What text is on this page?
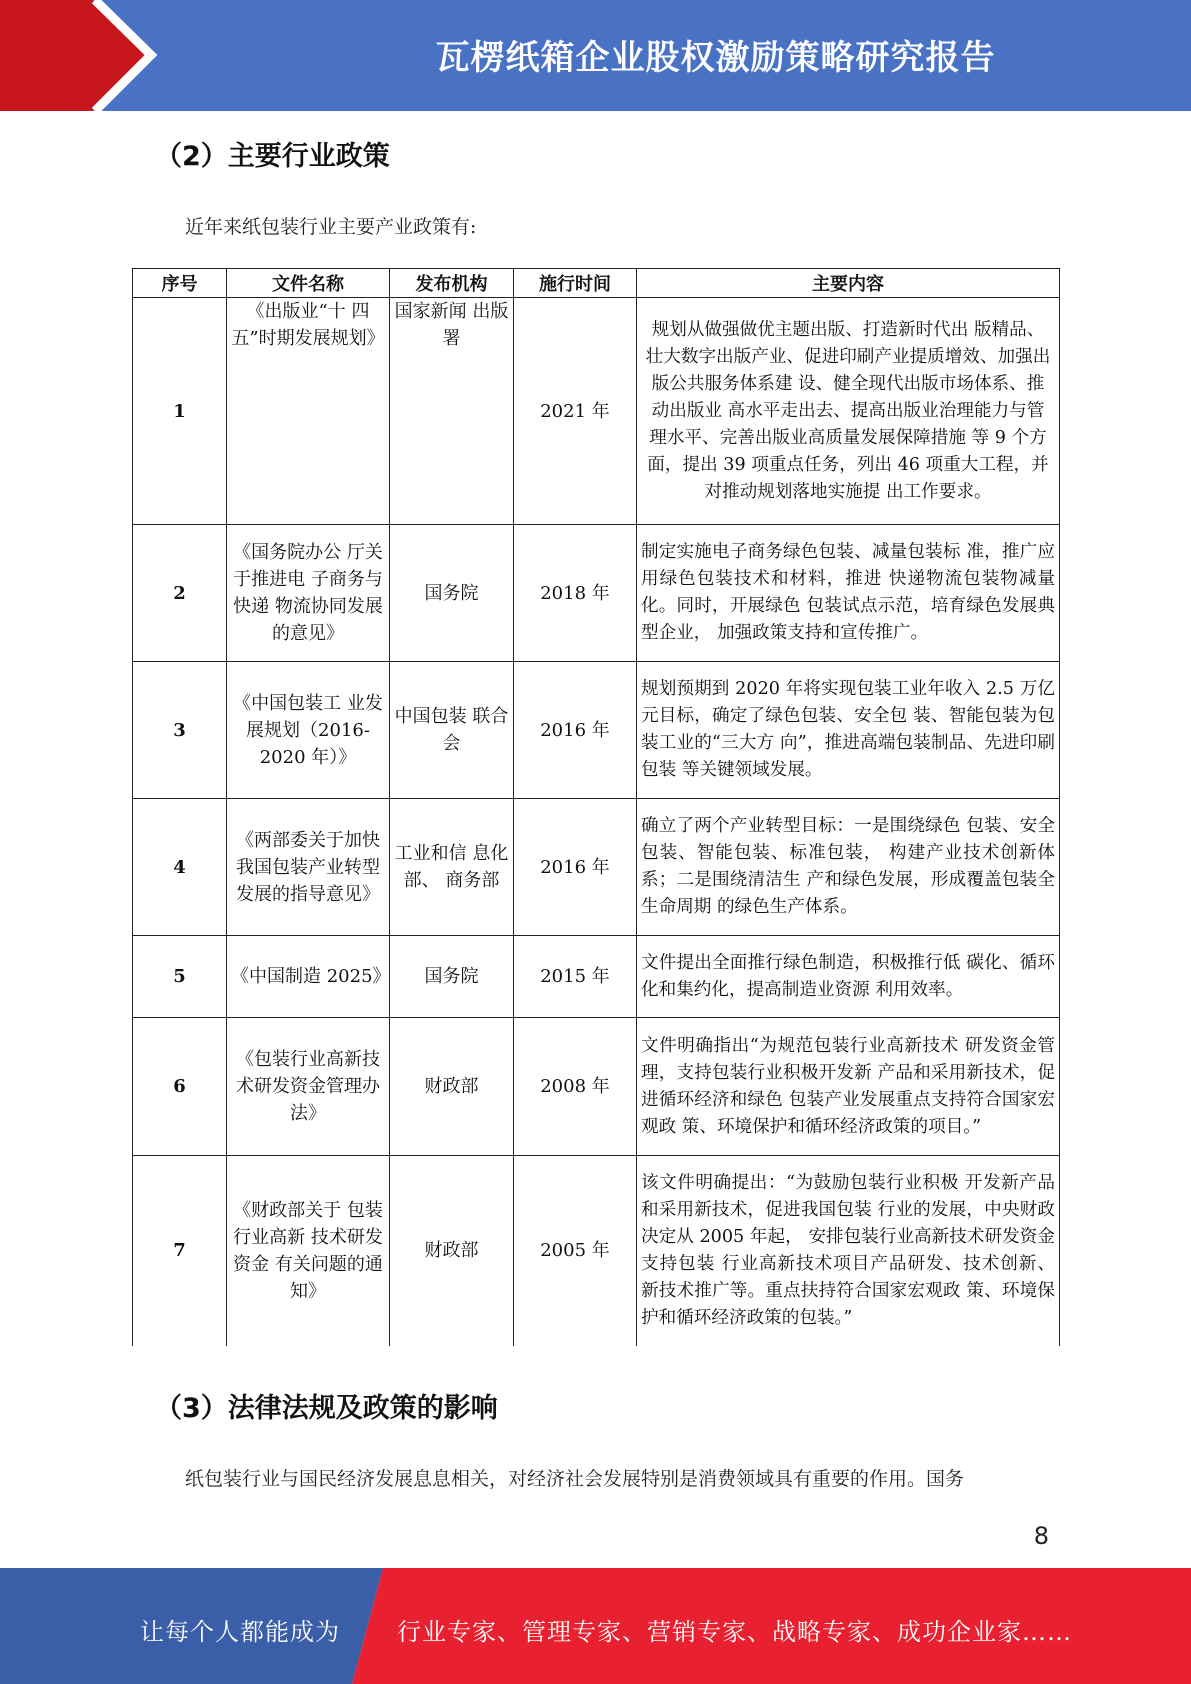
瓦楞纸箱企业股权激励策略研究报告
（2）主要行业政策
近年来纸包装行业主要产业政策有:
序号	文件名称	发布机构	施行时间	主要内容
1	《出版业“十 四五”时期发展规划》	国家新闻 出版署	2021 年	规划从做强做优主题出版、打造新时代出 版精品、壮大数字出版产业、促进印刷产业提质增效、加强出版公共服务体系建 设、健全现代出版市场体系、推动出版业 高水平走出去、提高出版业治理能力与管 理水平、完善出版业高质量发展保障措施 等 9 个方面，提出 39 项重点任务，列出 46 项重大工程，并对推动规划落地实施提 出工作要求。
2	《国务院办公 厅关于推进电 子商务与快递 物流协同发展 的意见》	国务院	2018 年	制定实施电子商务绿色包装、减量包装标 准，推广应用绿色包装技术和材料，推进 快递物流包装物减量化。同时，开展绿色 包装试点示范，培育绿色发展典型企业， 加强政策支持和宣传推广。
3	《中国包装工 业发展规划（2016-2020 年）》	中国包装 联合会	2016 年	规划预期到 2020 年将实现包装工业年收入 2.5 万亿元目标，确定了绿色包装、安全包 装、智能包装为包装工业的“三大方 向”，推进高端包装制品、先进印刷包装 等关键领域发展。
4	《两部委关于加快我国包装产业转型发展的指导意见》	工业和信 息化部、 商务部	2016 年	确立了两个产业转型目标：一是围绕绿色 包装、安全包装、智能包装、标准包装， 构建产业技术创新体系；二是围绕清洁生 产和绿色发展，形成覆盖包装全生命周期 的绿色生产体系。
5	《中国制造 2025》	国务院	2015 年	文件提出全面推行绿色制造，积极推行低 碳化、循环化和集约化，提高制造业资源 利用效率。
6	《包装行业高新技术研发资金管理办法》	财政部	2008 年	文件明确指出“为规范包装行业高新技术 研发资金管理，支持包装行业积极开发新 产品和采用新技术，促进循环经济和绿色 包装产业发展重点支持符合国家宏观政 策、环境保护和循环经济政策的项目。”
7	《财政部关于 包装行业高新 技术研发资金 有关问题的通 知》	财政部	2005 年	该文件明确提出：“为鼓励包装行业积极 开发新产品和采用新技术，促进我国包装 行业的发展，中央财政决定从 2005 年起， 安排包装行业高新技术研发资金支持包装 行业高新技术项目产品研发、技术创新、 新技术推广等。重点扶持符合国家宏观政 策、环境保护和循环经济政策的包装。”
（3）法律法规及政策的影响
纸包装行业与国民经济发展息息相关，对经济社会发展特别是消费领域具有重要的作用。国务
8
让每个人都能成为 行业专家、管理专家、营销专家、战略专家、成功企业家……
